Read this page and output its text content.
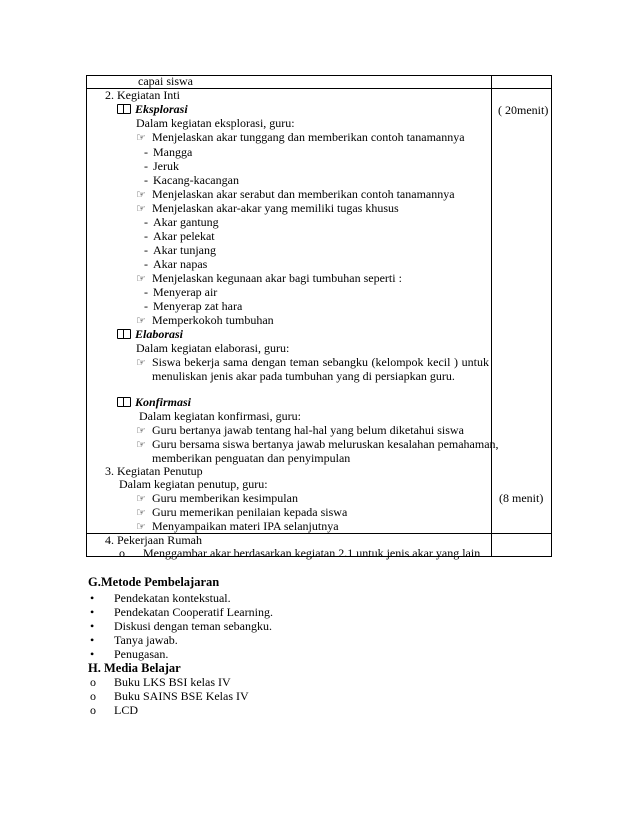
capai siswa
2. Kegiatan Inti
( 20menit)
Eksplorasi
Dalam kegiatan eksplorasi, guru:
☞ Menjelaskan akar tunggang dan memberikan contoh tanamannya
- Mangga
- Jeruk
- Kacang-kacangan
☞ Menjelaskan akar serabut dan memberikan contoh tanamannya
☞ Menjelaskan akar-akar yang memiliki tugas khusus
- Akar gantung
- Akar pelekat
- Akar tunjang
- Akar napas
☞ Menjelaskan kegunaan akar bagi tumbuhan seperti :
- Menyerap air
- Menyerap zat hara
☞ Memperkokoh tumbuhan
Elaborasi
Dalam kegiatan elaborasi, guru:
☞ Siswa bekerja sama dengan teman sebangku (kelompok kecil ) untuk
menuliskan jenis akar pada tumbuhan yang di persiapkan guru.
Konfirmasi
Dalam kegiatan konfirmasi, guru:
☞ Guru bertanya jawab tentang hal-hal yang belum diketahui siswa
☞ Guru bersama siswa bertanya jawab meluruskan kesalahan pemahaman,
memberikan penguatan dan penyimpulan
3. Kegiatan Penutup
Dalam kegiatan penutup, guru:
☞ Guru memberikan kesimpulan
☞ Guru memerikan penilaian kepada siswa
☞ Menyampaikan materi IPA selanjutnya
(8 menit)
4. Pekerjaan Rumah
o Menggambar akar berdasarkan kegiatan 2.1 untuk jenis akar yang lain
G.Metode Pembelajaran
• Pendekatan kontekstual.
• Pendekatan Cooperatif Learning.
• Diskusi dengan teman sebangku.
• Tanya jawab.
• Penugasan.
H. Media Belajar
o Buku LKS BSI kelas IV
o Buku SAINS BSE Kelas IV
o LCD
